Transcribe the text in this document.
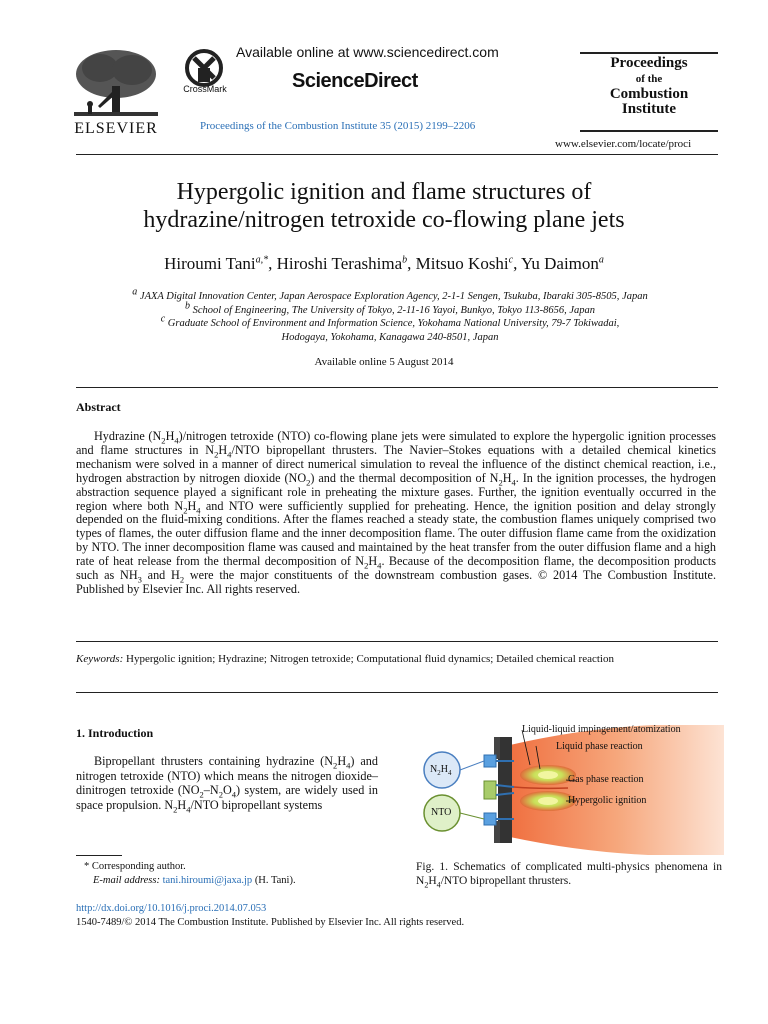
ELSEVIER
CrossMark
Available online at www.sciencedirect.com
ScienceDirect
Proceedings of the Combustion Institute 35 (2015) 2199–2206
Proceedings
of the
Combustion
Institute
www.elsevier.com/locate/proci
Hypergolic ignition and flame structures of
hydrazine/nitrogen tetroxide co-flowing plane jets
Hiroumi Tani$^{a,*}$, Hiroshi Terashima$^b$, Mitsuo Koshi$^c$, Yu Daimon$^a$
a JAXA Digital Innovation Center, Japan Aerospace Exploration Agency, 2-1-1 Sengen, Tsukuba, Ibaraki 305-8505, Japan
b School of Engineering, The University of Tokyo, 2-11-16 Yayoi, Bunkyo, Tokyo 113-8656, Japan
c Graduate School of Environment and Information Science, Yokohama National University, 79-7 Tokiwadai,
Hodogaya, Yokohama, Kanagawa 240-8501, Japan
Available online 5 August 2014
Abstract
Hydrazine $(N_2H_4)$/nitrogen tetroxide (NTO) co-flowing plane jets were simulated to explore the hypergolic ignition processes and flame structures in $N_2H_4$/NTO bipropellant thrusters. The Navier–Stokes equations with a detailed chemical kinetics mechanism were solved in a manner of direct numerical simulation to reveal the influence of the distinct chemical reaction, i.e., hydrogen abstraction by nitrogen dioxide $(NO_2)$ and the thermal decomposition of $N_2H_4$. In the ignition processes, the hydrogen abstraction sequence played a significant role in preheating the mixture gases. Further, the ignition eventually occurred in the region where both $N_2H_4$ and NTO were sufficiently supplied for preheating. Hence, the ignition position and delay strongly depended on the fluid-mixing conditions. After the flames reached a steady state, the combustion flames uniquely comprised two types of flames, the outer diffusion flame and the inner decomposition flame. The outer diffusion flame came from the oxidization by NTO. The inner decomposition flame was caused and maintained by the heat transfer from the outer diffusion flame and a high rate of heat release from the thermal decomposition of $N_2H_4$. Because of the decomposition flame, the decomposition products such as $NH_3$ and $H_2$ were the major constituents of the downstream combustion gases. © 2014 The Combustion Institute. Published by Elsevier Inc. All rights reserved.
Keywords: Hypergolic ignition; Hydrazine; Nitrogen tetroxide; Computational fluid dynamics; Detailed chemical reaction
1. Introduction
Bipropellant thrusters containing hydrazine $(N_2H_4)$ and nitrogen tetroxide (NTO) which means the nitrogen dioxide–dinitrogen tetroxide $(NO_2-N_2O_4)$ system, are widely used in space propulsion. $N_2H_4$/NTO bipropellant systems
Liquid-liquid impingement/atomization
Liquid phase reaction
Gas phase reaction
Hypergolic ignition
$N_2H_4$
NTO
Fig. 1. Schematics of complicated multi-physics phenomena in $N_2H_4$/NTO bipropellant thrusters.
* Corresponding author.
E-mail address: tani.hiroumi@jaxa.jp (H. Tani).
http://dx.doi.org/10.1016/j.proci.2014.07.053
1540-7489/© 2014 The Combustion Institute. Published by Elsevier Inc. All rights reserved.
